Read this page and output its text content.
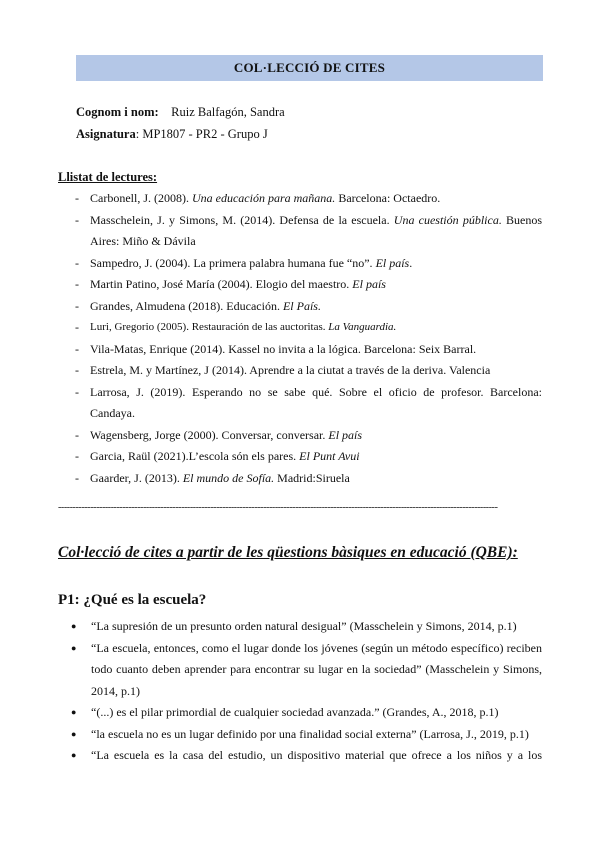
COL·LECCIÓ DE CITES
Cognom i nom: Ruiz Balfagón, Sandra
Asignatura: MP1807 - PR2 - Grupo J
Llistat de lectures:
- Carbonell, J. (2008). Una educación para mañana. Barcelona: Octaedro.
- Masschelein, J. y Simons, M. (2014). Defensa de la escuela. Una cuestión pública. Buenos Aires: Miño & Dávila
- Sampedro, J. (2004). La primera palabra humana fue “no”. El país.
- Martin Patino, José María (2004). Elogio del maestro. El país
- Grandes, Almudena (2018). Educación. El País.
- Luri, Gregorio (2005). Restauración de las auctoritas. La Vanguardia.
- Vila-Matas, Enrique (2014). Kassel no invita a la lógica. Barcelona: Seix Barral.
- Estrela, M. y Martínez, J (2014). Aprendre a la ciutat a través de la deriva. Valencia
- Larrosa, J. (2019). Esperando no se sabe qué. Sobre el oficio de profesor. Barcelona: Candaya.
- Wagensberg, Jorge (2000). Conversar, conversar. El país
- Garcia, Raül (2021).L’escola són els pares. El Punt Avui
- Gaarder, J. (2013). El mundo de Sofía. Madrid:Siruela
------------------------------------------------------------------------------------------------------------------------------------------------------
Col·lecció de cites a partir de les qüestions bàsiques en educació (QBE):
P1: ¿Qué es la escuela?
● “La supresión de un presunto orden natural desigual” (Masschelein y Simons, 2014, p.1)
● “La escuela, entonces, como el lugar donde los jóvenes (según un método específico) reciben todo cuanto deben aprender para encontrar su lugar en la sociedad” (Masschelein y Simons, 2014, p.1)
● “(...) es el pilar primordial de cualquier sociedad avanzada.” (Grandes, A., 2018, p.1)
● “la escuela no es un lugar definido por una finalidad social externa” (Larrosa, J., 2019, p.1)
● “La escuela es la casa del estudio, un dispositivo material que ofrece a los niños y a los
